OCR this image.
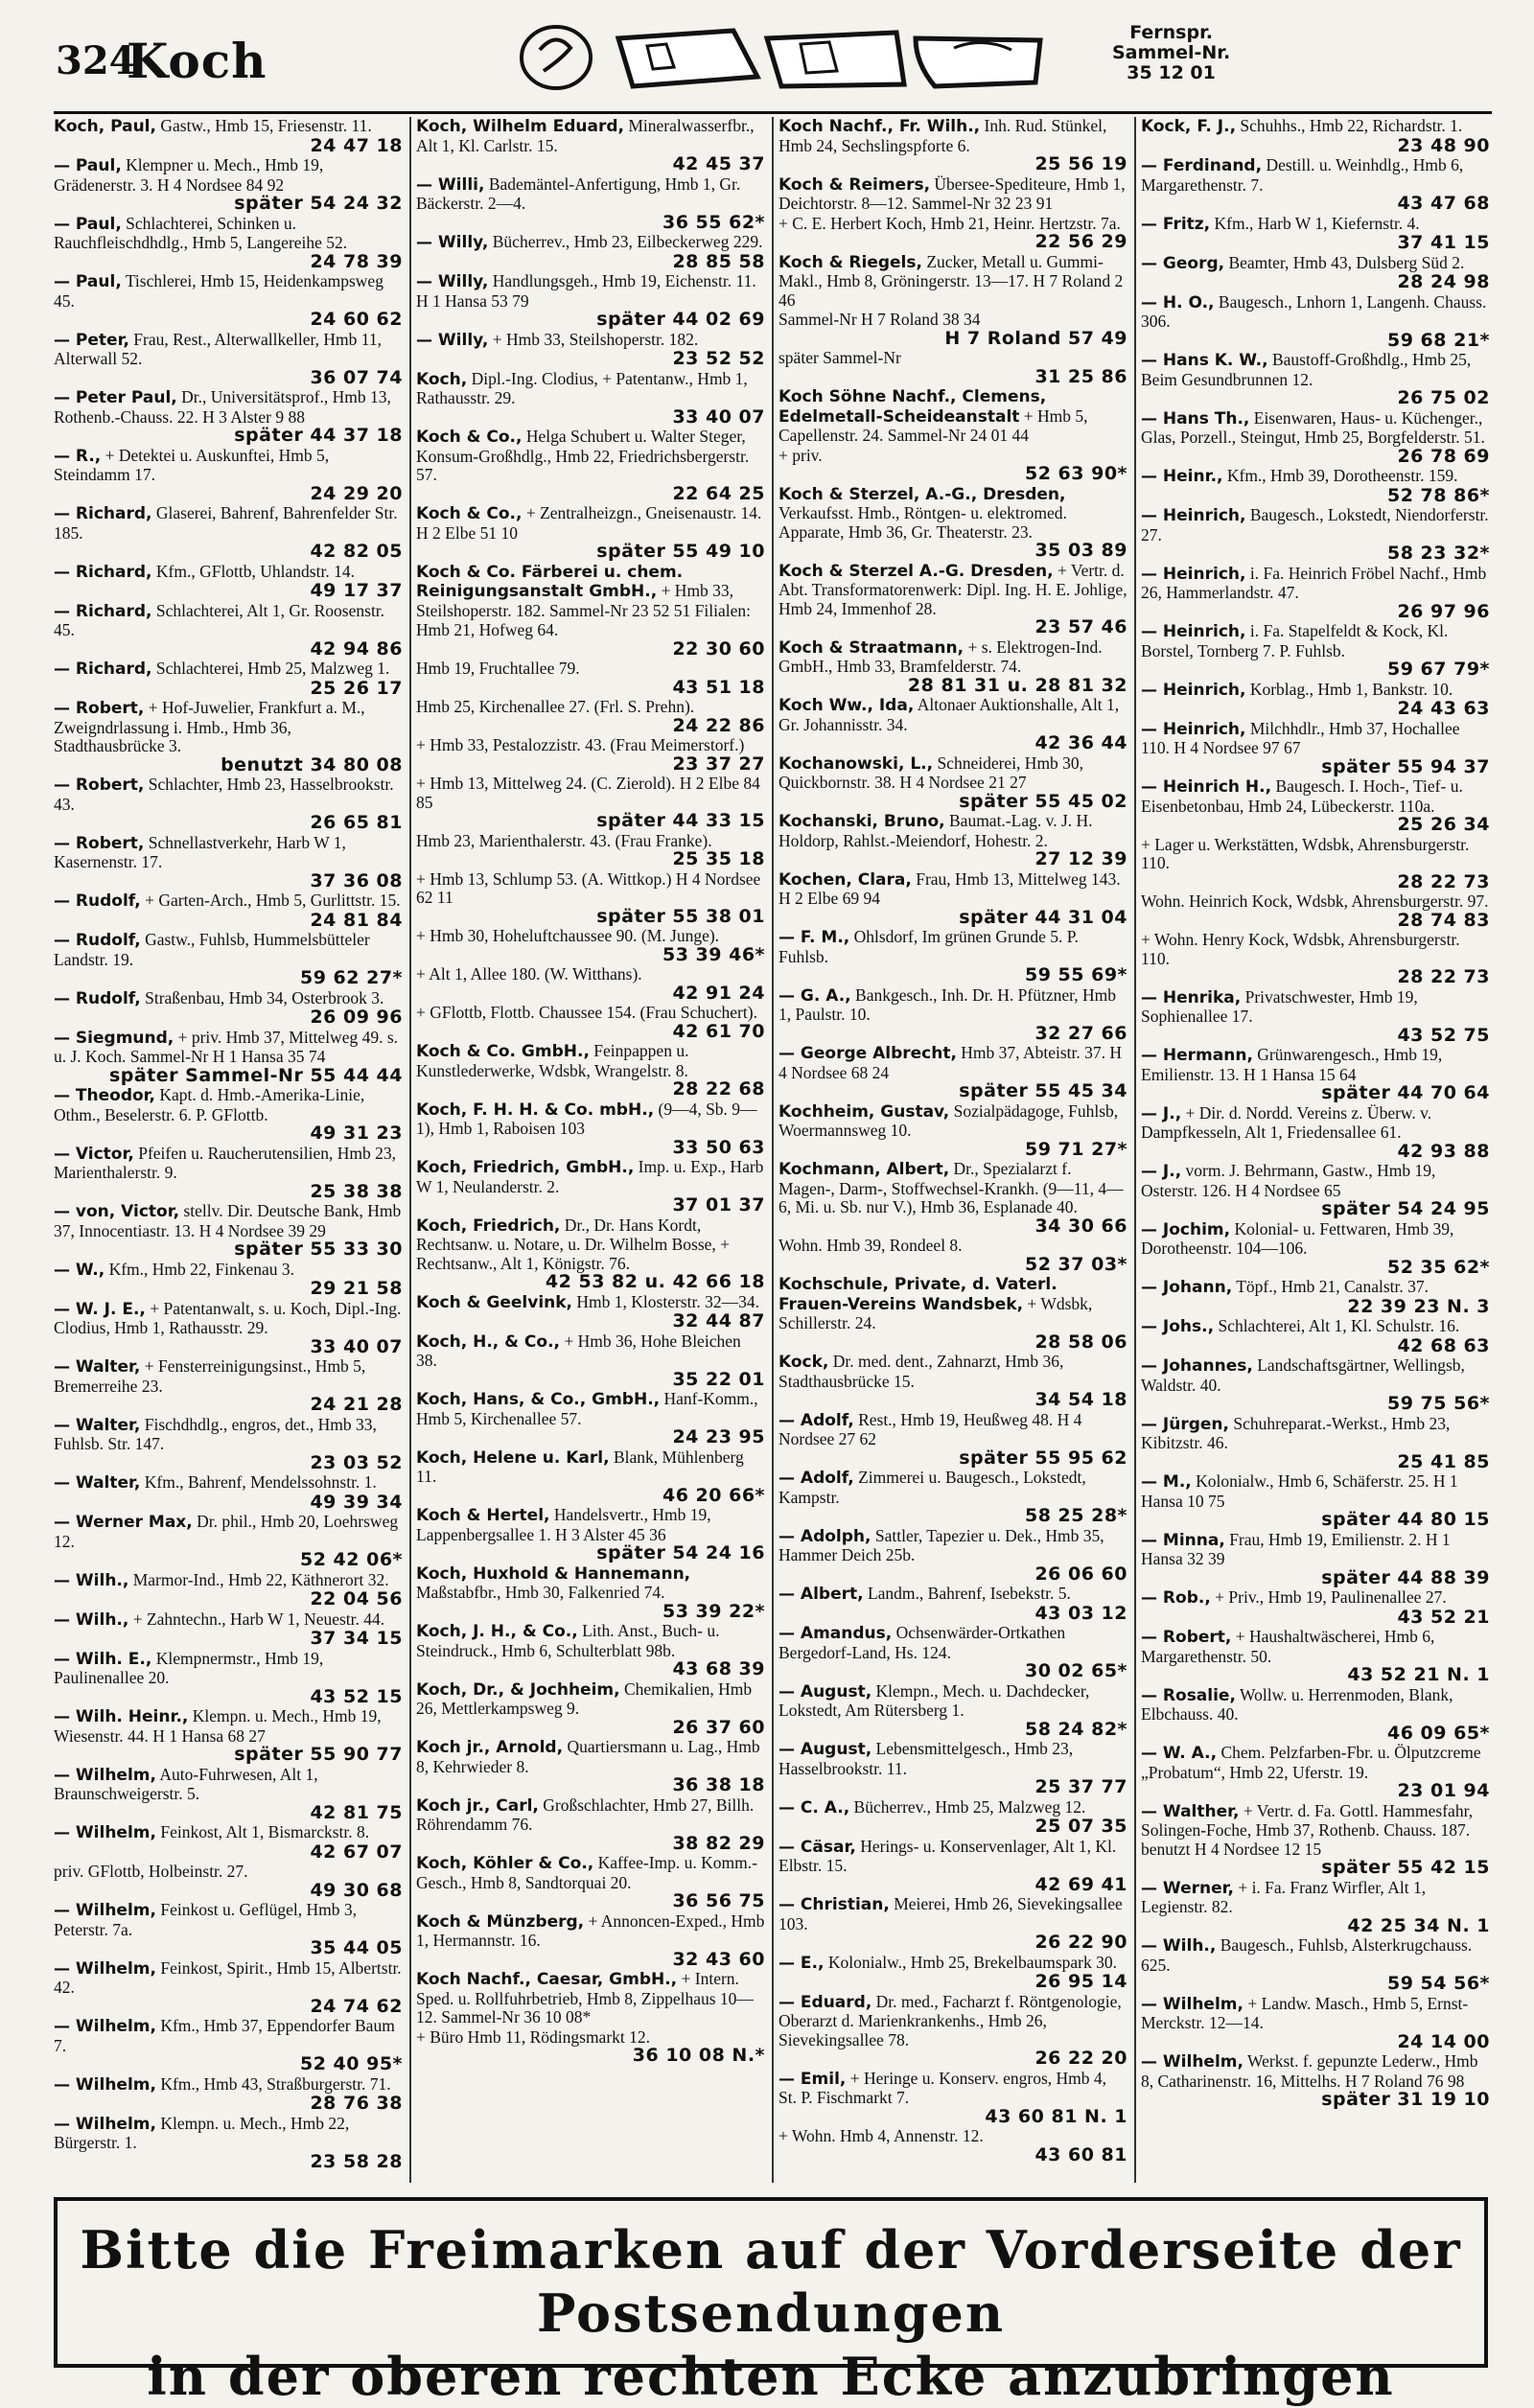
324
Koch	Fernspr.
Sammel-Nr.
35 12 01
Koch, Paul, Gastw., Hmb 15, Friesenstr. 11.
24 47 18
— Paul, Klempner u. Mech., Hmb 19, Grädenerstr. 3. H 4 Nordsee 84 92
später 54 24 32
— Paul, Schlachterei, Schinken u. Rauchfleischdhdlg., Hmb 5, Langereihe 52.
24 78 39
— Paul, Tischlerei, Hmb 15, Heidenkampsweg 45.
24 60 62
— Peter, Frau, Rest., Alterwallkeller, Hmb 11, Alterwall 52.
36 07 74
— Peter Paul, Dr., Universitätsprof., Hmb 13, Rothenb.-Chauss. 22. H 3 Alster 9 88
später 44 37 18
— R., + Detektei u. Auskunftei, Hmb 5, Steindamm 17.
24 29 20
— Richard, Glaserei, Bahrenf, Bahrenfelder Str. 185.
42 82 05
— Richard, Kfm., GFlottb, Uhlandstr. 14.
49 17 37
— Richard, Schlachterei, Alt 1, Gr. Roosenstr. 45.
42 94 86
— Richard, Schlachterei, Hmb 25, Malzweg 1.
25 26 17
— Robert, + Hof-Juwelier, Frankfurt a. M., Zweigndrlassung i. Hmb., Hmb 36, Stadthausbrücke 3.
benutzt 34 80 08
— Robert, Schlachter, Hmb 23, Hasselbrookstr. 43.
26 65 81
— Robert, Schnellastverkehr, Harb W 1, Kasernenstr. 17.
37 36 08
— Rudolf, + Garten-Arch., Hmb 5, Gurlittstr. 15.
24 81 84
— Rudolf, Gastw., Fuhlsb, Hummelsbütteler Landstr. 19.
59 62 27*
— Rudolf, Straßenbau, Hmb 34, Osterbrook 3.
26 09 96
— Siegmund, + priv. Hmb 37, Mittelweg 49. s. u. J. Koch. Sammel-Nr H 1 Hansa 35 74
später Sammel-Nr 55 44 44
— Theodor, Kapt. d. Hmb.-Amerika-Linie, Othm., Beselerstr. 6. P. GFlottb.
49 31 23
— Victor, Pfeifen u. Raucherutensilien, Hmb 23, Marienthalerstr. 9.
25 38 38
— von, Victor, stellv. Dir. Deutsche Bank, Hmb 37, Innocentiastr. 13. H 4 Nordsee 39 29
später 55 33 30
— W., Kfm., Hmb 22, Finkenau 3.
29 21 58
— W. J. E., + Patentanwalt, s. u. Koch, Dipl.-Ing. Clodius, Hmb 1, Rathausstr. 29.
33 40 07
— Walter, + Fensterreinigungsinst., Hmb 5, Bremerreihe 23.
24 21 28
— Walter, Fischdhdlg., engros, det., Hmb 33, Fuhlsb. Str. 147.
23 03 52
— Walter, Kfm., Bahrenf, Mendelssohnstr. 1.
49 39 34
— Werner Max, Dr. phil., Hmb 20, Loehrsweg 12.
52 42 06*
— Wilh., Marmor-Ind., Hmb 22, Käthnerort 32.
22 04 56
— Wilh., + Zahntechn., Harb W 1, Neuestr. 44.
37 34 15
— Wilh. E., Klempnermstr., Hmb 19, Paulinenallee 20.
43 52 15
— Wilh. Heinr., Klempn. u. Mech., Hmb 19, Wiesenstr. 44. H 1 Hansa 68 27
später 55 90 77
— Wilhelm, Auto-Fuhrwesen, Alt 1, Braunschweigerstr. 5.
42 81 75
— Wilhelm, Feinkost, Alt 1, Bismarckstr. 8.
42 67 07
priv. GFlottb, Holbeinstr. 27.
49 30 68
— Wilhelm, Feinkost u. Geflügel, Hmb 3, Peterstr. 7a.
35 44 05
— Wilhelm, Feinkost, Spirit., Hmb 15, Albertstr. 42.
24 74 62
— Wilhelm, Kfm., Hmb 37, Eppendorfer Baum 7.
52 40 95*
— Wilhelm, Kfm., Hmb 43, Straßburgerstr. 71.
28 76 38
— Wilhelm, Klempn. u. Mech., Hmb 22, Bürgerstr. 1.
23 58 28
Koch, Wilhelm Eduard, Mineralwasserfbr., Alt 1, Kl. Carlstr. 15.
42 45 37
— Willi, Bademäntel-Anfertigung, Hmb 1, Gr. Bäckerstr. 2—4.
36 55 62*
— Willy, Bücherrev., Hmb 23, Eilbeckerweg 229.
28 85 58
— Willy, Handlungsgeh., Hmb 19, Eichenstr. 11. H 1 Hansa 53 79
später 44 02 69
— Willy, + Hmb 33, Steilshoperstr. 182.
23 52 52
Koch, Dipl.-Ing. Clodius, + Patentanw., Hmb 1, Rathausstr. 29.
33 40 07
Koch & Co., Helga Schubert u. Walter Steger, Konsum-Großhdlg., Hmb 22, Friedrichsbergerstr. 57.
22 64 25
Koch & Co., + Zentralheizgn., Gneisenaustr. 14. H 2 Elbe 51 10
später 55 49 10
Koch & Co. Färberei u. chem. Reinigungsanstalt GmbH., + Hmb 33, Steilshoperstr. 182. Sammel-Nr 23 52 51 Filialen:
Hmb 21, Hofweg 64.
22 30 60
Hmb 19, Fruchtallee 79.
43 51 18
Hmb 25, Kirchenallee 27. (Frl. S. Prehn).
24 22 86
+ Hmb 33, Pestalozzistr. 43. (Frau Meimerstorf.)
23 37 27
+ Hmb 13, Mittelweg 24. (C. Zierold). H 2 Elbe 84 85
später 44 33 15
Hmb 23, Marienthalerstr. 43. (Frau Franke).
25 35 18
+ Hmb 13, Schlump 53. (A. Wittkop.) H 4 Nordsee 62 11
später 55 38 01
+ Hmb 30, Hoheluftchaussee 90. (M. Junge).
53 39 46*
+ Alt 1, Allee 180. (W. Witthans).
42 91 24
+ GFlottb, Flottb. Chaussee 154. (Frau Schuchert).
42 61 70
Koch & Co. GmbH., Feinpappen u. Kunstlederwerke, Wdsbk, Wrangelstr. 8.
28 22 68
Koch, F. H. H. & Co. mbH., (9—4, Sb. 9—1), Hmb 1, Raboisen 103
33 50 63
Koch, Friedrich, GmbH., Imp. u. Exp., Harb W 1, Neulanderstr. 2.
37 01 37
Koch, Friedrich, Dr., Dr. Hans Kordt, Rechtsanw. u. Notare, u. Dr. Wilhelm Bosse, + Rechtsanw., Alt 1, Königstr. 76.
42 53 82 u. 42 66 18
Koch & Geelvink, Hmb 1, Klosterstr. 32—34.
32 44 87
Koch, H., & Co., + Hmb 36, Hohe Bleichen 38.
35 22 01
Koch, Hans, & Co., GmbH., Hanf-Komm., Hmb 5, Kirchenallee 57.
24 23 95
Koch, Helene u. Karl, Blank, Mühlenberg 11.
46 20 66*
Koch & Hertel, Handelsvertr., Hmb 19, Lappenbergsallee 1. H 3 Alster 45 36
später 54 24 16
Koch, Huxhold & Hannemann, Maßstabfbr., Hmb 30, Falkenried 74.
53 39 22*
Koch, J. H., & Co., Lith. Anst., Buch- u. Steindruck., Hmb 6, Schulterblatt 98b.
43 68 39
Koch, Dr., & Jochheim, Chemikalien, Hmb 26, Mettlerkampsweg 9.
26 37 60
Koch jr., Arnold, Quartiersmann u. Lag., Hmb 8, Kehrwieder 8.
36 38 18
Koch jr., Carl, Großschlachter, Hmb 27, Billh. Röhrendamm 76.
38 82 29
Koch, Köhler & Co., Kaffee-Imp. u. Komm.-Gesch., Hmb 8, Sandtorquai 20.
36 56 75
Koch & Münzberg, + Annoncen-Exped., Hmb 1, Hermannstr. 16.
32 43 60
Koch Nachf., Caesar, GmbH., + Intern. Sped. u. Rollfuhrbetrieb, Hmb 8, Zippelhaus 10—12. Sammel-Nr 36 10 08*
+ Büro Hmb 11, Rödingsmarkt 12.
36 10 08 N.*
Koch Nachf., Fr. Wilh., Inh. Rud. Stünkel, Hmb 24, Sechslingspforte 6.
25 56 19
Koch & Reimers, Übersee-Spediteure, Hmb 1, Deichtorstr. 8—12. Sammel-Nr 32 23 91
+ C. E. Herbert Koch, Hmb 21, Heinr. Hertzstr. 7a.
22 56 29
Koch & Riegels, Zucker, Metall u. Gummi-Makl., Hmb 8, Gröningerstr. 13—17. H 7 Roland 2 46
Sammel-Nr H 7 Roland 38 34
H 7 Roland 57 49
später Sammel-Nr
31 25 86
Koch Söhne Nachf., Clemens, Edelmetall-Scheideanstalt + Hmb 5, Capellenstr. 24. Sammel-Nr 24 01 44
+ priv.
52 63 90*
Koch & Sterzel, A.-G., Dresden, Verkaufsst. Hmb., Röntgen- u. elektromed. Apparate, Hmb 36, Gr. Theaterstr. 23.
35 03 89
Koch & Sterzel A.-G. Dresden, + Vertr. d. Abt. Transformatorenwerk: Dipl. Ing. H. E. Johlige, Hmb 24, Immenhof 28.
23 57 46
Koch & Straatmann, + s. Elektrogen-Ind. GmbH., Hmb 33, Bramfelderstr. 74.
28 81 31 u. 28 81 32
Koch Ww., Ida, Altonaer Auktionshalle, Alt 1, Gr. Johannisstr. 34.
42 36 44
Kochanowski, L., Schneiderei, Hmb 30, Quickbornstr. 38. H 4 Nordsee 21 27
später 55 45 02
Kochanski, Bruno, Baumat.-Lag. v. J. H. Holdorp, Rahlst.-Meiendorf, Hohestr. 2.
27 12 39
Kochen, Clara, Frau, Hmb 13, Mittelweg 143. H 2 Elbe 69 94
später 44 31 04
— F. M., Ohlsdorf, Im grünen Grunde 5. P. Fuhlsb.
59 55 69*
— G. A., Bankgesch., Inh. Dr. H. Pfützner, Hmb 1, Paulstr. 10.
32 27 66
— George Albrecht, Hmb 37, Abteistr. 37. H 4 Nordsee 68 24
später 55 45 34
Kochheim, Gustav, Sozialpädagoge, Fuhlsb, Woermannsweg 10.
59 71 27*
Kochmann, Albert, Dr., Spezialarzt f. Magen-, Darm-, Stoffwechsel-Krankh. (9—11, 4—6, Mi. u. Sb. nur V.), Hmb 36, Esplanade 40.
34 30 66
Wohn. Hmb 39, Rondeel 8.
52 37 03*
Kochschule, Private, d. Vaterl. Frauen-Vereins Wandsbek, + Wdsbk, Schillerstr. 24.
28 58 06
Kock, Dr. med. dent., Zahnarzt, Hmb 36, Stadthausbrücke 15.
34 54 18
— Adolf, Rest., Hmb 19, Heußweg 48. H 4 Nordsee 27 62
später 55 95 62
— Adolf, Zimmerei u. Baugesch., Lokstedt, Kampstr.
58 25 28*
— Adolph, Sattler, Tapezier u. Dek., Hmb 35, Hammer Deich 25b.
26 06 60
— Albert, Landm., Bahrenf, Isebekstr. 5.
43 03 12
— Amandus, Ochsenwärder-Ortkathen Bergedorf-Land, Hs. 124.
30 02 65*
— August, Klempn., Mech. u. Dachdecker, Lokstedt, Am Rütersberg 1.
58 24 82*
— August, Lebensmittelgesch., Hmb 23, Hasselbrookstr. 11.
25 37 77
— C. A., Bücherrev., Hmb 25, Malzweg 12.
25 07 35
— Cäsar, Herings- u. Konservenlager, Alt 1, Kl. Elbstr. 15.
42 69 41
— Christian, Meierei, Hmb 26, Sievekingsallee 103.
26 22 90
— E., Kolonialw., Hmb 25, Brekelbaumspark 30.
26 95 14
— Eduard, Dr. med., Facharzt f. Röntgenologie, Oberarzt d. Marienkrankenhs., Hmb 26, Sievekingsallee 78.
26 22 20
— Emil, + Heringe u. Konserv. engros, Hmb 4, St. P. Fischmarkt 7.
43 60 81 N. 1
+ Wohn. Hmb 4, Annenstr. 12.
43 60 81
Kock, F. J., Schuhhs., Hmb 22, Richardstr. 1.
23 48 90
— Ferdinand, Destill. u. Weinhdlg., Hmb 6, Margarethenstr. 7.
43 47 68
— Fritz, Kfm., Harb W 1, Kiefernstr. 4.
37 41 15
— Georg, Beamter, Hmb 43, Dulsberg Süd 2.
28 24 98
— H. O., Baugesch., Lnhorn 1, Langenh. Chauss. 306.
59 68 21*
— Hans K. W., Baustoff-Großhdlg., Hmb 25, Beim Gesundbrunnen 12.
26 75 02
— Hans Th., Eisenwaren, Haus- u. Küchenger., Glas, Porzell., Steingut, Hmb 25, Borgfelderstr. 51.
26 78 69
— Heinr., Kfm., Hmb 39, Dorotheenstr. 159.
52 78 86*
— Heinrich, Baugesch., Lokstedt, Niendorferstr. 27.
58 23 32*
— Heinrich, i. Fa. Heinrich Fröbel Nachf., Hmb 26, Hammerlandstr. 47.
26 97 96
— Heinrich, i. Fa. Stapelfeldt & Kock, Kl. Borstel, Tornberg 7. P. Fuhlsb.
59 67 79*
— Heinrich, Korblag., Hmb 1, Bankstr. 10.
24 43 63
— Heinrich, Milchhdlr., Hmb 37, Hochallee 110. H 4 Nordsee 97 67
später 55 94 37
— Heinrich H., Baugesch. I. Hoch-, Tief- u. Eisenbetonbau, Hmb 24, Lübeckerstr. 110a.
25 26 34
+ Lager u. Werkstätten, Wdsbk, Ahrensburgerstr. 110.
28 22 73
Wohn. Heinrich Kock, Wdsbk, Ahrensburgerstr. 97.
28 74 83
+ Wohn. Henry Kock, Wdsbk, Ahrensburgerstr. 110.
28 22 73
— Henrika, Privatschwester, Hmb 19, Sophienallee 17.
43 52 75
— Hermann, Grünwarengesch., Hmb 19, Emilienstr. 13. H 1 Hansa 15 64
später 44 70 64
— J., + Dir. d. Nordd. Vereins z. Überw. v. Dampfkesseln, Alt 1, Friedensallee 61.
42 93 88
— J., vorm. J. Behrmann, Gastw., Hmb 19, Osterstr. 126. H 4 Nordsee 65
später 54 24 95
— Jochim, Kolonial- u. Fettwaren, Hmb 39, Dorotheenstr. 104—106.
52 35 62*
— Johann, Töpf., Hmb 21, Canalstr. 37.
22 39 23 N. 3
— Johs., Schlachterei, Alt 1, Kl. Schulstr. 16.
42 68 63
— Johannes, Landschaftsgärtner, Wellingsb, Waldstr. 40.
59 75 56*
— Jürgen, Schuhreparat.-Werkst., Hmb 23, Kibitzstr. 46.
25 41 85
— M., Kolonialw., Hmb 6, Schäferstr. 25. H 1 Hansa 10 75
später 44 80 15
— Minna, Frau, Hmb 19, Emilienstr. 2. H 1 Hansa 32 39
später 44 88 39
— Rob., + Priv., Hmb 19, Paulinenallee 27.
43 52 21
— Robert, + Haushaltwäscherei, Hmb 6, Margarethenstr. 50.
43 52 21 N. 1
— Rosalie, Wollw. u. Herrenmoden, Blank, Elbchauss. 40.
46 09 65*
— W. A., Chem. Pelzfarben-Fbr. u. Ölputzcreme „Probatum“, Hmb 22, Uferstr. 19.
23 01 94
— Walther, + Vertr. d. Fa. Gottl. Hammesfahr, Solingen-Foche, Hmb 37, Rothenb. Chauss. 187. benutzt H 4 Nordsee 12 15
später 55 42 15
— Werner, + i. Fa. Franz Wirfler, Alt 1, Legienstr. 82.
42 25 34 N. 1
— Wilh., Baugesch., Fuhlsb, Alsterkrugchauss. 625.
59 54 56*
— Wilhelm, + Landw. Masch., Hmb 5, Ernst-Merckstr. 12—14.
24 14 00
— Wilhelm, Werkst. f. gepunzte Lederw., Hmb 8, Catharinenstr. 16, Mittelhs. H 7 Roland 76 98
später 31 19 10
Bitte die Freimarken auf der Vorderseite der Postsendungen
in der oberen rechten Ecke anzubringen
